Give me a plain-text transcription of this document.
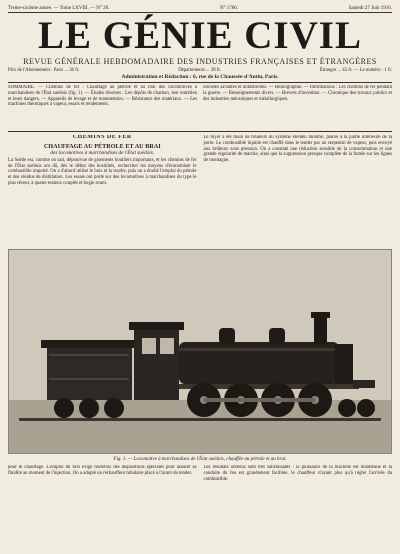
Trente-sixième année. — Tome LXVIII. — N° 26.	N° 1766.	Samedi 27 Juin 1916.
LE GÉNIE CIVIL
REVUE GÉNÉRALE HEBDOMADAIRE DES INDUSTRIES FRANÇAISES ET ÉTRANGÈRES
Prix de l'Abonnement : Paris ... 36 fr.	Départements ... 38 fr.	Étranger ... 45 fr. — Le numéro : 1 fr.
Administration et Rédaction : 6, rue de la Chaussée-d'Antin, Paris.
SOMMAIRE. — Chemins de fer : Chauffage au pétrole et au brai des locomotives à marchandises de l'État suédois (fig. 1). — Études diverses : Les dépôts de charbon, leur entretien et leurs dangers. — Appareils de levage et de manutention. — Résistance des matériaux. — Les machines thermiques à vapeur, essais et rendements.
Sociétés savantes et industrielles. — Bibliographie. — Informations : Les chemins de fer pendant la guerre. — Renseignements divers. — Brevets d'invention. — Chronique des travaux publics et des industries mécaniques et métallurgiques.
CHEMINS DE FER
CHAUFFAGE AU PÉTROLE ET AU BRAI
des locomotives à marchandises de l'État suédois.
La Suède est, comme on sait, dépourvue de gisements houillers importants, et les chemins de fer de l'État suédois ont dû, dès le début des hostilités, rechercher les moyens d'économiser le combustible importé. On a d'abord utilisé le bois et la tourbe, puis on a étudié l'emploi du pétrole et des résidus de distillation. Les essais ont porté sur des locomotives à marchandises du type le plus récent, à quatre essieux couplés et bogie avant.
Le foyer a été muni de brûleurs du système Holden modifié, placés à la partie inférieure de la porte. Le combustible liquide est chauffé dans le tender par un serpentin de vapeur, puis envoyé aux brûleurs sous pression. On a constaté une réduction sensible de la consommation et une grande régularité de marche, ainsi que la suppression presque complète de la fumée sur les lignes de montagne.
Fig. 1. — Locomotive à marchandises de l'État suédois, chauffée au pétrole et au brai.
pour le chauffage. L'emploi du brai exige toutefois des dispositions spéciales pour assurer sa fluidité au moment de l'injection. On a adopté un réchauffeur tubulaire placé à l'avant du tender.
Les résultats obtenus sont très satisfaisants : la puissance de la machine est maintenue et la conduite du feu est grandement facilitée, le chauffeur n'ayant plus qu'à régler l'arrivée du combustible.
